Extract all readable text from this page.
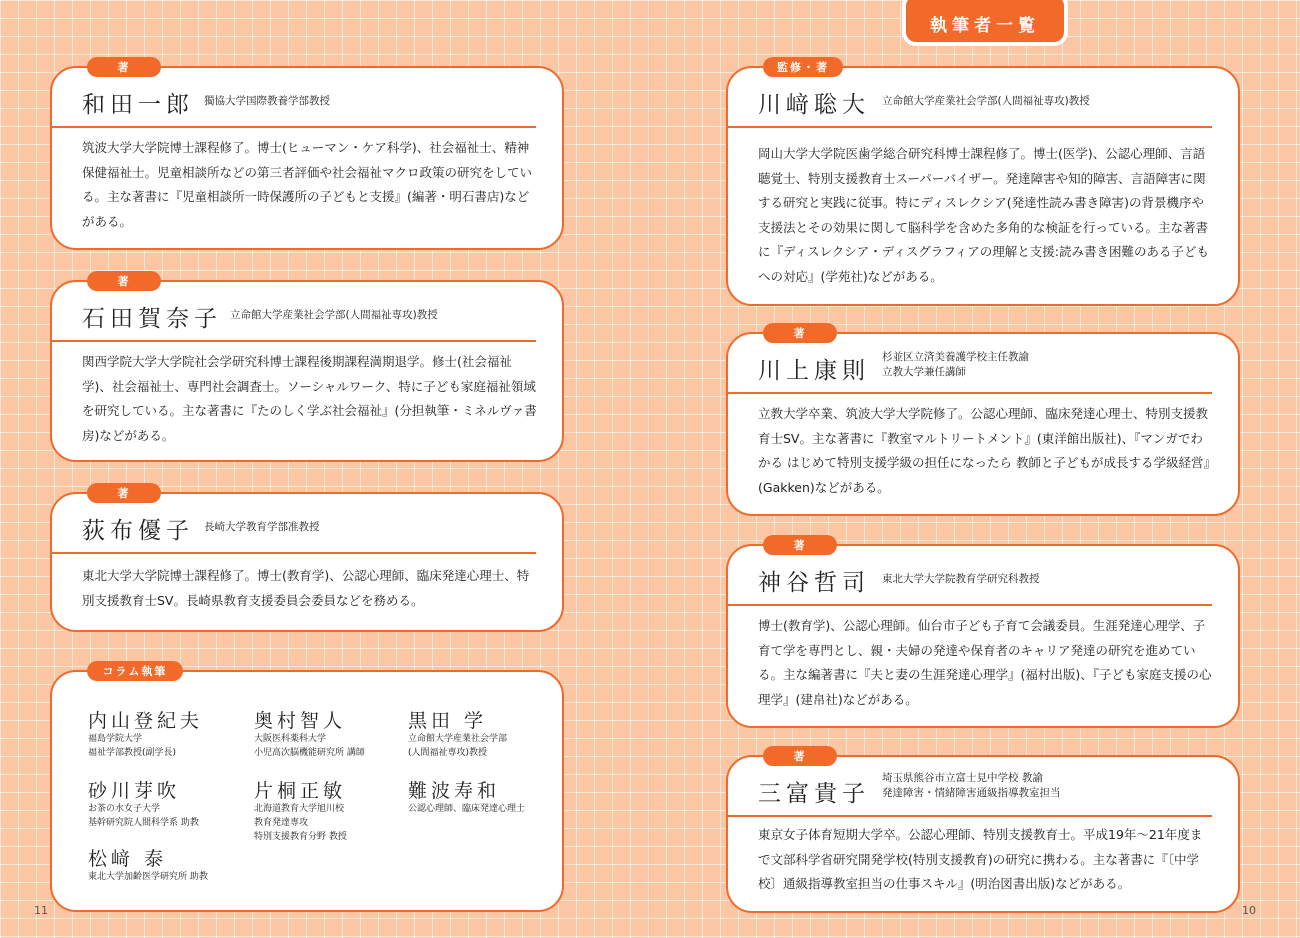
執筆者一覧
著
和田一郎 獨協大学国際教養学部教授
筑波大学大学院博士課程修了。博士(ヒューマン・ケア科学)、社会福祉士、精神保健福祉士。児童相談所などの第三者評価や社会福祉マクロ政策の研究をしている。主な著書に『児童相談所一時保護所の子どもと支援』(編著・明石書店)などがある。
著
石田賀奈子 立命館大学産業社会学部(人間福祉専攻)教授
関西学院大学大学院社会学研究科博士課程後期課程満期退学。修士(社会福祉学)、社会福祉士、専門社会調査士。ソーシャルワーク、特に子ども家庭福祉領域を研究している。主な著書に『たのしく学ぶ社会福祉』(分担執筆・ミネルヴァ書房)などがある。
著
荻布優子 長崎大学教育学部准教授
東北大学大学院博士課程修了。博士(教育学)、公認心理師、臨床発達心理士、特別支援教育士SV。長崎県教育支援委員会委員などを務める。
コラム執筆
内山登紀夫
福島学院大学
福祉学部教授(副学長)
奥村智人
大阪医科薬科大学
小児高次脳機能研究所 講師
黒田 学
立命館大学産業社会学部
(人間福祉専攻)教授
砂川芽吹
お茶の水女子大学
基幹研究院人間科学系 助教
片桐正敏
北海道教育大学旭川校
教育発達専攻
特別支援教育分野 教授
難波寿和
公認心理師、臨床発達心理士
松﨑 泰
東北大学加齢医学研究所 助教
11
監修・著
川﨑聡大 立命館大学産業社会学部(人間福祉専攻)教授
岡山大学大学院医歯学総合研究科博士課程修了。博士(医学)、公認心理師、言語聴覚士、特別支援教育士スーパーバイザー。発達障害や知的障害、言語障害に関する研究と実践に従事。特にディスレクシア(発達性読み書き障害)の背景機序や支援法とその効果に関して脳科学を含めた多角的な検証を行っている。主な著書に『ディスレクシア・ディスグラフィアの理解と支援:読み書き困難のある子どもへの対応』(学苑社)などがある。
著
川上康則
杉並区立済美養護学校主任教諭
立教大学兼任講師
立教大学卒業、筑波大学大学院修了。公認心理師、臨床発達心理士、特別支援教育士SV。主な著書に『教室マルトリートメント』(東洋館出版社)、『マンガでわかる はじめて特別支援学級の担任になったら 教師と子どもが成長する学級経営』(Gakken)などがある。
著
神谷哲司 東北大学大学院教育学研究科教授
博士(教育学)、公認心理師。仙台市子ども子育て会議委員。生涯発達心理学、子育て学を専門とし、親・夫婦の発達や保育者のキャリア発達の研究を進めている。主な編著書に『夫と妻の生涯発達心理学』(福村出版)、『子ども家庭支援の心理学』(建帛社)などがある。
著
三富貴子
埼玉県熊谷市立富士見中学校 教諭
発達障害・情緒障害通級指導教室担当
東京女子体育短期大学卒。公認心理師、特別支援教育士。平成19年～21年度まで文部科学省研究開発学校(特別支援教育)の研究に携わる。主な著書に『〔中学校〕通級指導教室担当の仕事スキル』(明治図書出版)などがある。
10
